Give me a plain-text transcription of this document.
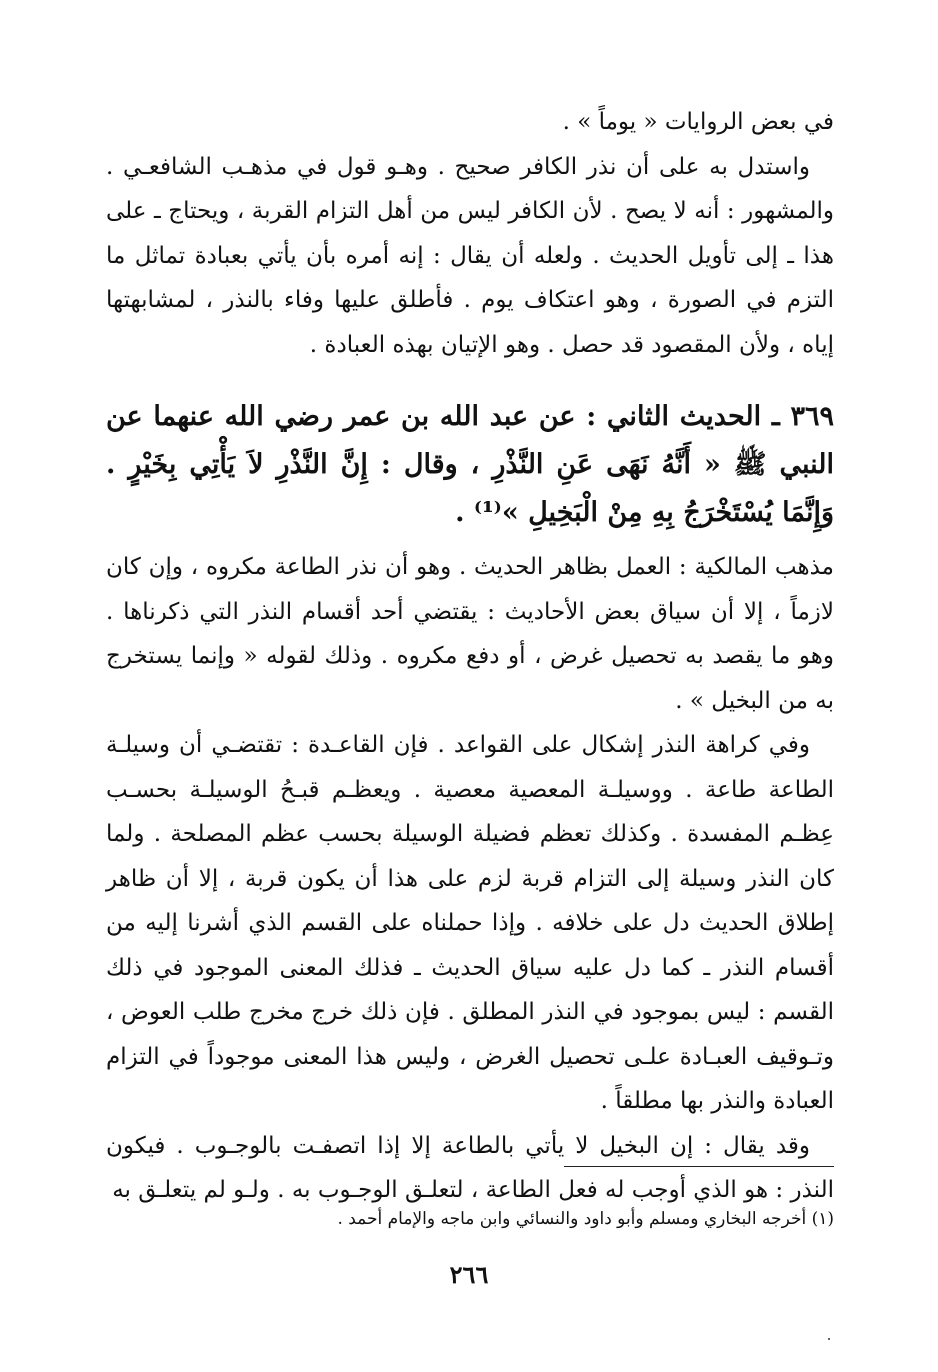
في بعض الروايات « يوماً » .

واستدل به على أن نذر الكافر صحيح . وهـو قول في مذهـب الشافعـي . والمشهور : أنه لا يصح . لأن الكافر ليس من أهل التزام القربة ، ويحتاج ـ على هذا ـ إلى تأويل الحديث . ولعله أن يقال : إنه أمره بأن يأتي بعبادة تماثل ما التزم في الصورة ، وهو اعتكاف يوم . فأطلق عليها وفاء بالنذر ، لمشابهتها إياه ، ولأن المقصود قد حصل . وهو الإتيان بهذه العبادة .

٣٦٩ ـ الحديث الثاني : عن عبد الله بن عمر رضي الله عنهما عن النبي ﷺ « أَنَّهُ نَهَى عَنِ النَّذْرِ ، وقال : إِنَّ النَّذْرِ لاَ يَأْتِي بِخَيْرٍ . وَإِنَّمَا يُسْتَخْرَجُ بِهِ مِنْ الْبَخِيلِ »⁽¹⁾ .

مذهب المالكية : العمل بظاهر الحديث . وهو أن نذر الطاعة مكروه ، وإن كان لازماً ، إلا أن سياق بعض الأحاديث : يقتضي أحد أقسام النذر التي ذكرناها . وهو ما يقصد به تحصيل غرض ، أو دفع مكروه . وذلك لقوله « وإنما يستخرج به من البخيل » .

وفي كراهة النذر إشكال على القواعد . فإن القاعـدة : تقتضـي أن وسيلـة الطاعة طاعة . ووسيلـة المعصية معصية . ويعظـم قبـحُ الوسيلـة بحسـب عِظـم المفسدة . وكذلك تعظم فضيلة الوسيلة بحسب عظم المصلحة . ولما كان النذر وسيلة إلى التزام قربة لزم على هذا أن يكون قربة ، إلا أن ظاهر إطلاق الحديث دل على خلافه . وإذا حملناه على القسم الذي أشرنا إليه من أقسام النذر ـ كما دل عليه سياق الحديث ـ فذلك المعنى الموجود في ذلك القسم : ليس بموجود في النذر المطلق . فإن ذلك خرج مخرج طلب العوض ، وتـوقيف العبـادة علـى تحصيل الغرض ، وليس هذا المعنى موجوداً في التزام العبادة والنذر بها مطلقاً .

وقد يقال : إن البخيل لا يأتي بالطاعة إلا إذا اتصفـت بالوجـوب . فيكون النذر : هو الذي أوجب له فعل الطاعة ، لتعلـق الوجـوب به . ولـو لم يتعلـق به

(١) أخرجه البخاري ومسلم وأبو داود والنسائي وابن ماجه والإمام أحمد .
٢٦٦
